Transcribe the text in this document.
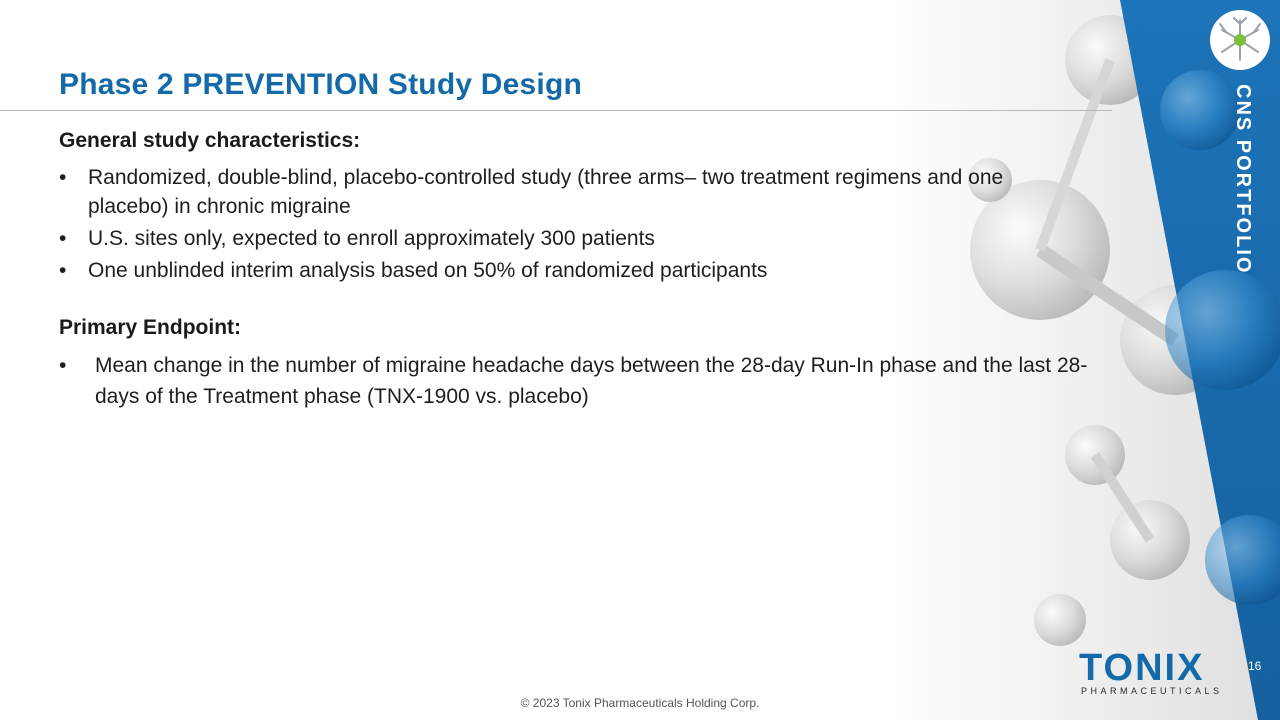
CNS PORTFOLIO
Phase 2 PREVENTION Study Design
General study characteristics:
• Randomized, double-blind, placebo-controlled study (three arms– two treatment regimens and one placebo) in chronic migraine
• U.S. sites only, expected to enroll approximately 300 patients
• One unblinded interim analysis based on 50% of randomized participants
Primary Endpoint:
• Mean change in the number of migraine headache days between the 28-day Run-In phase and the last 28-days of the Treatment phase (TNX-1900 vs. placebo)
TONIX
PHARMACEUTICALS
16
© 2023 Tonix Pharmaceuticals Holding Corp.
